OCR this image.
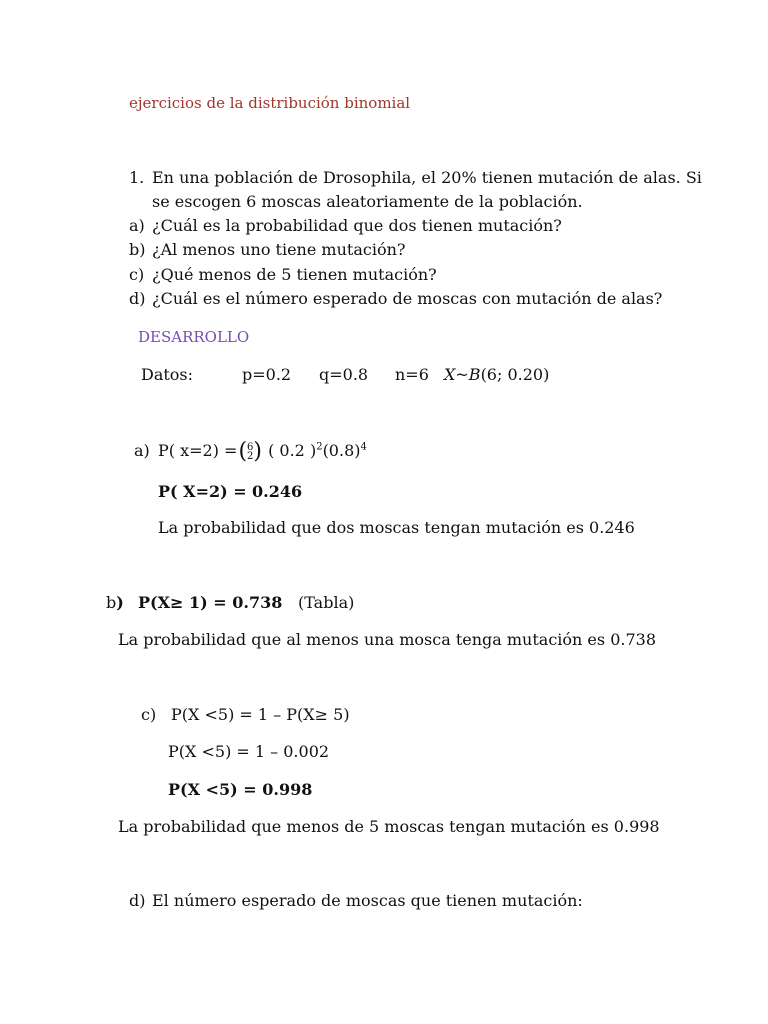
ejercicios de la distribución binomial
1. En una población de Drosophila, el 20% tienen mutación de alas. Si
se escogen 6 moscas aleatoriamente de la población.
a) ¿Cuál es la probabilidad que dos tienen mutación?
b) ¿Al menos uno tiene mutación?
c) ¿Qué menos de 5 tienen mutación?
d) ¿Cuál es el número esperado de moscas con mutación de alas?
DESARROLLO
Datos:	p=0.2 q=0.8 n=6 X~B(6; 0.20)
a) P( x=2) =( 6
2 ) ( 0.2 )$^2(0.8)^4$
P( X=2) = 0.246
La probabilidad que dos moscas tengan mutación es 0.246
b) P(X≥ 1) = 0.738 (Tabla)
La probabilidad que al menos una mosca tenga mutación es 0.738
c) P(X <5) = 1 – P(X≥ 5)
P(X <5) = 1 – 0.002
P(X <5) = 0.998
La probabilidad que menos de 5 moscas tengan mutación es 0.998
d) El número esperado de moscas que tienen mutación:
